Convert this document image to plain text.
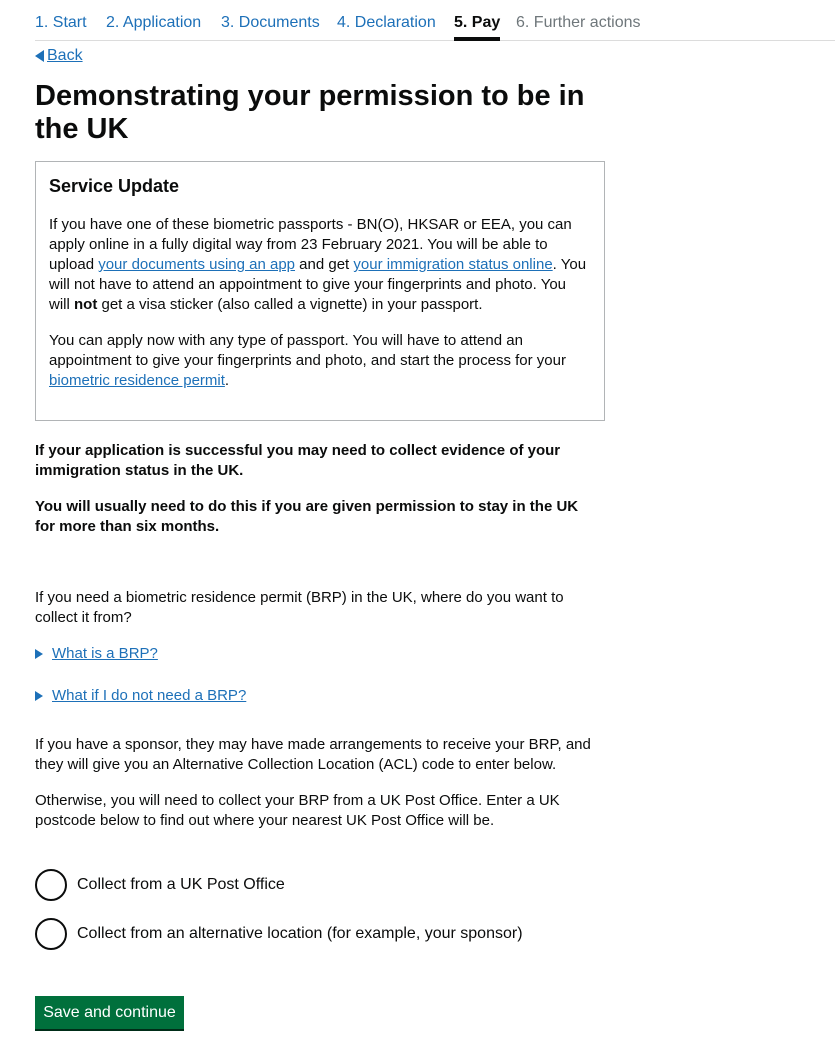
1. Start 2. Application 3. Documents 4. Declaration 5. Pay 6. Further actions
Back
Demonstrating your permission to be in the UK
Service Update

If you have one of these biometric passports - BN(O), HKSAR or EEA, you can apply online in a fully digital way from 23 February 2021. You will be able to upload your documents using an app and get your immigration status online. You will not have to attend an appointment to give your fingerprints and photo. You will not get a visa sticker (also called a vignette) in your passport.

You can apply now with any type of passport. You will have to attend an appointment to give your fingerprints and photo, and start the process for your biometric residence permit.

If your application is successful you may need to collect evidence of your immigration status in the UK.

You will usually need to do this if you are given permission to stay in the UK for more than six months.

If you need a biometric residence permit (BRP) in the UK, where do you want to collect it from?

What is a BRP?
What if I do not need a BRP?

If you have a sponsor, they may have made arrangements to receive your BRP, and they will give you an Alternative Collection Location (ACL) code to enter below.

Otherwise, you will need to collect your BRP from a UK Post Office. Enter a UK postcode below to find out where your nearest UK Post Office will be.

Collect from a UK Post Office
Collect from an alternative location (for example, your sponsor)
Save and continue
